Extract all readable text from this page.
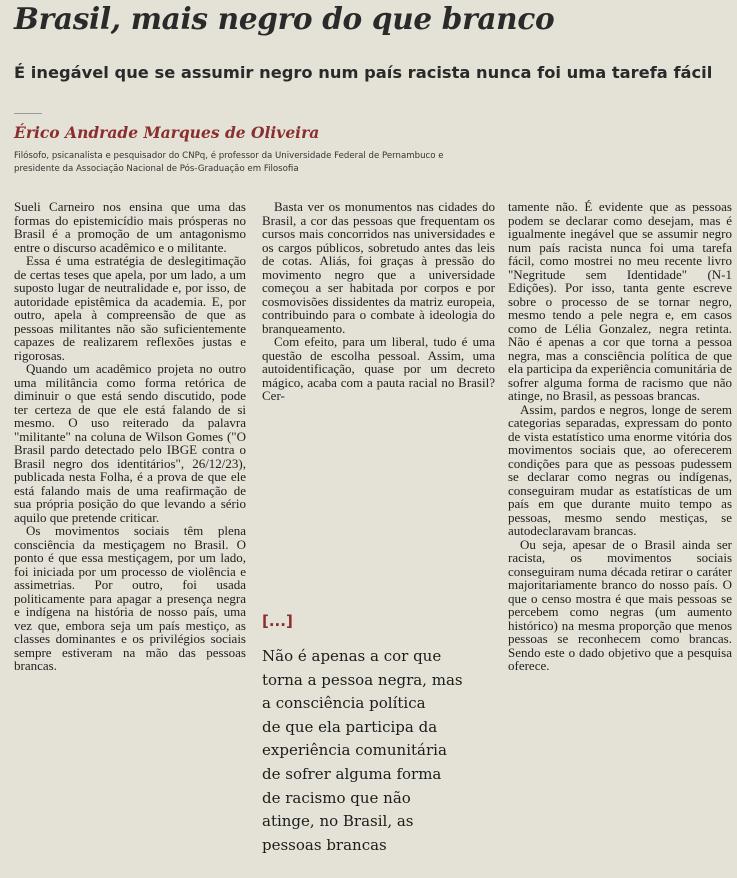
Brasil, mais negro do que branco
É inegável que se assumir negro num país racista nunca foi uma tarefa fácil
Érico Andrade Marques de Oliveira
Filósofo, psicanalista e pesquisador do CNPq, é professor da Universidade Federal de Pernambuco e presidente da Associação Nacional de Pós-Graduação em Filosofia

Sueli Carneiro nos ensina que uma das formas do epistemicídio mais prósperas no Brasil é a promoção de um antagonismo entre o discurso acadêmico e o militante.

Essa é uma estratégia de deslegitimação de certas teses que apela, por um lado, a um suposto lugar de neutralidade e, por isso, de autoridade epistêmica da academia. E, por outro, apela à compreensão de que as pessoas militantes não são suficientemente capazes de realizarem reflexões justas e rigorosas.

Quando um acadêmico projeta no outro uma militância como forma retórica de diminuir o que está sendo discutido, pode ter certeza de que ele está falando de si mesmo. O uso reiterado da palavra "militante" na coluna de Wilson Gomes ("O Brasil pardo detectado pelo IBGE contra o Brasil negro dos identitários", 26/12/23), publicada nesta Folha, é a prova de que ele está falando mais de uma reafirmação de sua própria posição do que levando a sério aquilo que pretende criticar.

Os movimentos sociais têm plena consciência da mestiçagem no Brasil. O ponto é que essa mestiçagem, por um lado, foi iniciada por um processo de violência e assimetrias. Por outro, foi usada politicamente para apagar a presença negra e indígena na história de nosso país, uma vez que, embora seja um país mestiço, as classes dominantes e os privilégios sociais sempre estiveram na mão das pessoas brancas.

Basta ver os monumentos nas cidades do Brasil, a cor das pessoas que frequentam os cursos mais concorridos nas universidades e os cargos públicos, sobretudo antes das leis de cotas. Aliás, foi graças à pressão do movimento negro que a universidade começou a ser habitada por corpos e por cosmovisões dissidentes da matriz europeia, contribuindo para o combate à ideologia do branqueamento.

Com efeito, para um liberal, tudo é uma questão de escolha pessoal. Assim, uma autoidentificação, quase por um decreto mágico, acaba com a pauta racial no Brasil? Cer-

[...]
Não é apenas a cor que
torna a pessoa negra, mas
a consciência política
de que ela participa da
experiência comunitária
de sofrer alguma forma
de racismo que não
atinge, no Brasil, as
pessoas brancas

tamente não. É evidente que as pessoas podem se declarar como desejam, mas é igualmente inegável que se assumir negro num país racista nunca foi uma tarefa fácil, como mostrei no meu recente livro "Negritude sem Identidade" (N-1 Edições). Por isso, tanta gente escreve sobre o processo de se tornar negro, mesmo tendo a pele negra e, em casos como de Lélia Gonzalez, negra retinta. Não é apenas a cor que torna a pessoa negra, mas a consciência política de que ela participa da experiência comunitária de sofrer alguma forma de racismo que não atinge, no Brasil, as pessoas brancas.

Assim, pardos e negros, longe de serem categorias separadas, expressam do ponto de vista estatístico uma enorme vitória dos movimentos sociais que, ao oferecerem condições para que as pessoas pudessem se declarar como negras ou indígenas, conseguiram mudar as estatísticas de um país em que durante muito tempo as pessoas, mesmo sendo mestiças, se autodeclaravam brancas.

Ou seja, apesar de o Brasil ainda ser racista, os movimentos sociais conseguiram numa década retirar o caráter majoritariamente branco do nosso país. O que o censo mostra é que mais pessoas se percebem como negras (um aumento histórico) na mesma proporção que menos pessoas se reconhecem como brancas. Sendo este o dado objetivo que a pesquisa oferece.
